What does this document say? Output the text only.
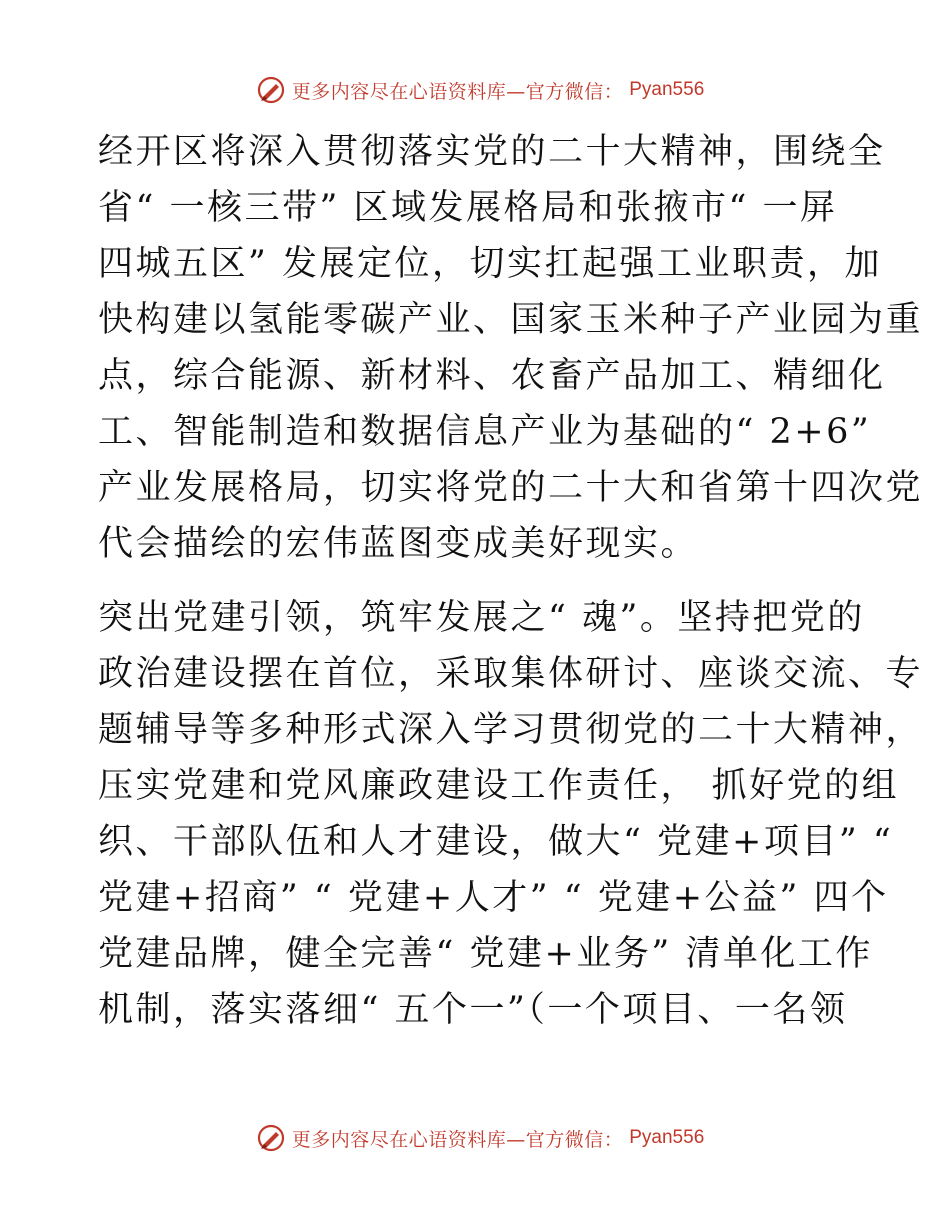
更多内容尽在心语资料库—官方微信： Pyan556
经开区将深入贯彻落实党的二十大精神，围绕全
省“ 一核三带” 区域发展格局和张掖市“ 一屏
四城五区” 发展定位，切实扛起强工业职责，加
快构建以氢能零碳产业、国家玉米种子产业园为重
点，综合能源、新材料、农畜产品加工、精细化
工、智能制造和数据信息产业为基础的“ 2+6”
产业发展格局，切实将党的二十大和省第十四次党
代会描绘的宏伟蓝图变成美好现实。
突出党建引领，筑牢发展之“ 魂”。坚持把党的
政治建设摆在首位，采取集体研讨、座谈交流、专
题辅导等多种形式深入学习贯彻党的二十大精神，
压实党建和党风廉政建设工作责任， 抓好党的组
织、干部队伍和人才建设，做大“ 党建+项目” “
党建+招商” “ 党建+人才” “ 党建+公益” 四个
党建品牌，健全完善“ 党建+业务” 清单化工作
机制，落实落细“ 五个一”（一个项目、一名领
更多内容尽在心语资料库—官方微信： Pyan556
